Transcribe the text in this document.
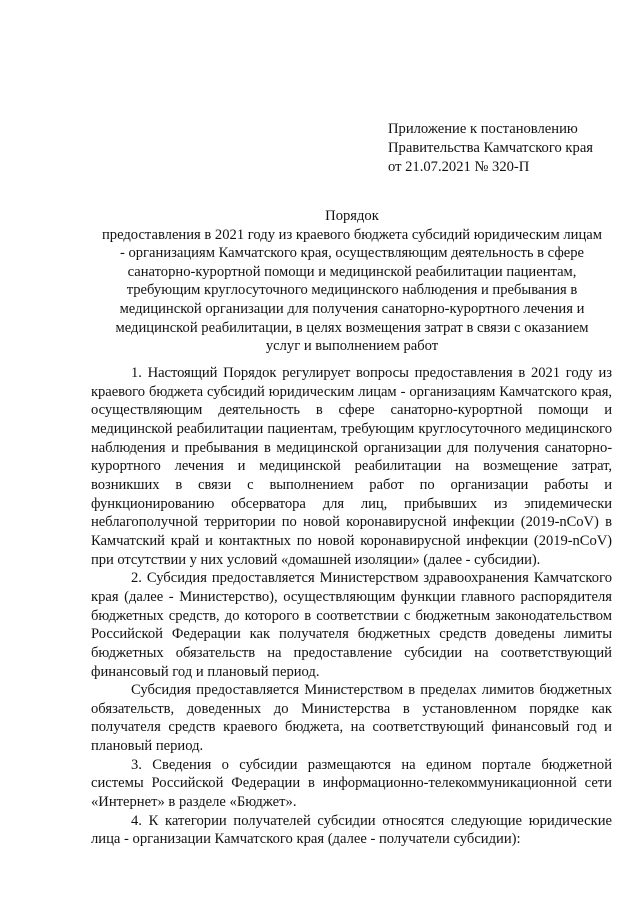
Приложение к постановлению
Правительства Камчатского края
от 21.07.2021 № 320-П
Порядок
предоставления в 2021 году из краевого бюджета субсидий юридическим лицам
- организациям Камчатского края, осуществляющим деятельность в сфере
санаторно-курортной помощи и медицинской реабилитации пациентам,
требующим круглосуточного медицинского наблюдения и пребывания в
медицинской организации для получения санаторно-курортного лечения и
медицинской реабилитации, в целях возмещения затрат в связи с оказанием
услуг и выполнением работ

1. Настоящий Порядок регулирует вопросы предоставления в 2021 году из краевого бюджета субсидий юридическим лицам - организациям Камчатского края, осуществляющим деятельность в сфере санаторно-курортной помощи и медицинской реабилитации пациентам, требующим круглосуточного медицинского наблюдения и пребывания в медицинской организации для получения санаторно-курортного лечения и медицинской реабилитации на возмещение затрат, возникших в связи с выполнением работ по организации работы и функционированию обсерватора для лиц, прибывших из эпидемически неблагополучной территории по новой коронавирусной инфекции (2019-nCoV) в Камчатский край и контактных по новой коронавирусной инфекции (2019-nCoV) при отсутствии у них условий «домашней изоляции» (далее - субсидии).

2. Субсидия предоставляется Министерством здравоохранения Камчатского края (далее - Министерство), осуществляющим функции главного распорядителя бюджетных средств, до которого в соответствии с бюджетным законодательством Российской Федерации как получателя бюджетных средств доведены лимиты бюджетных обязательств на предоставление субсидии на соответствующий финансовый год и плановый период.

Субсидия предоставляется Министерством в пределах лимитов бюджетных обязательств, доведенных до Министерства в установленном порядке как получателя средств краевого бюджета, на соответствующий финансовый год и плановый период.

3. Сведения о субсидии размещаются на едином портале бюджетной системы Российской Федерации в информационно-телекоммуникационной сети «Интернет» в разделе «Бюджет».

4. К категории получателей субсидии относятся следующие юридические лица - организации Камчатского края (далее - получатели субсидии):
